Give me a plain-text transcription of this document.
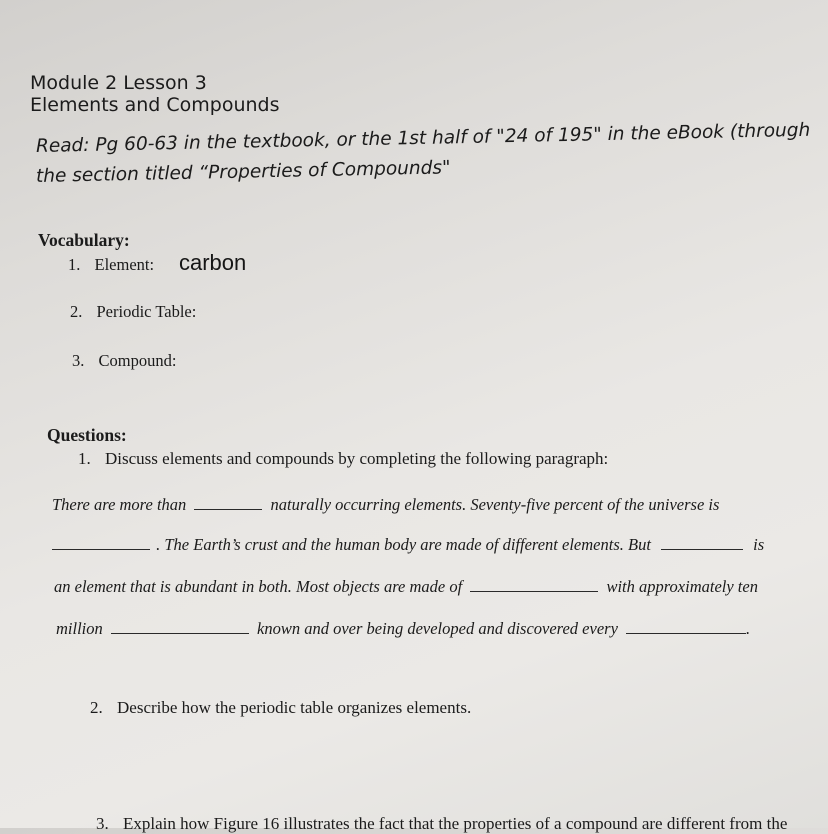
Module 2 Lesson 3
Elements and Compounds
Read: Pg 60-63 in the textbook, or the 1st half of "24 of 195" in the eBook (through
the section titled “Properties of Compounds"
Vocabulary:
1. Element: carbon
2. Periodic Table:
3. Compound:
Questions:
1. Discuss elements and compounds by completing the following paragraph:
There are more than	naturally occurring elements. Seventy-five percent of the universe is
. The Earth’s crust and the human body are made of different elements. But	is
an element that is abundant in both. Most objects are made of	with approximately ten
million	known and over being developed and discovered every	.
2. Describe how the periodic table organizes elements.
3. Explain how Figure 16 illustrates the fact that the properties of a compound are different from the
